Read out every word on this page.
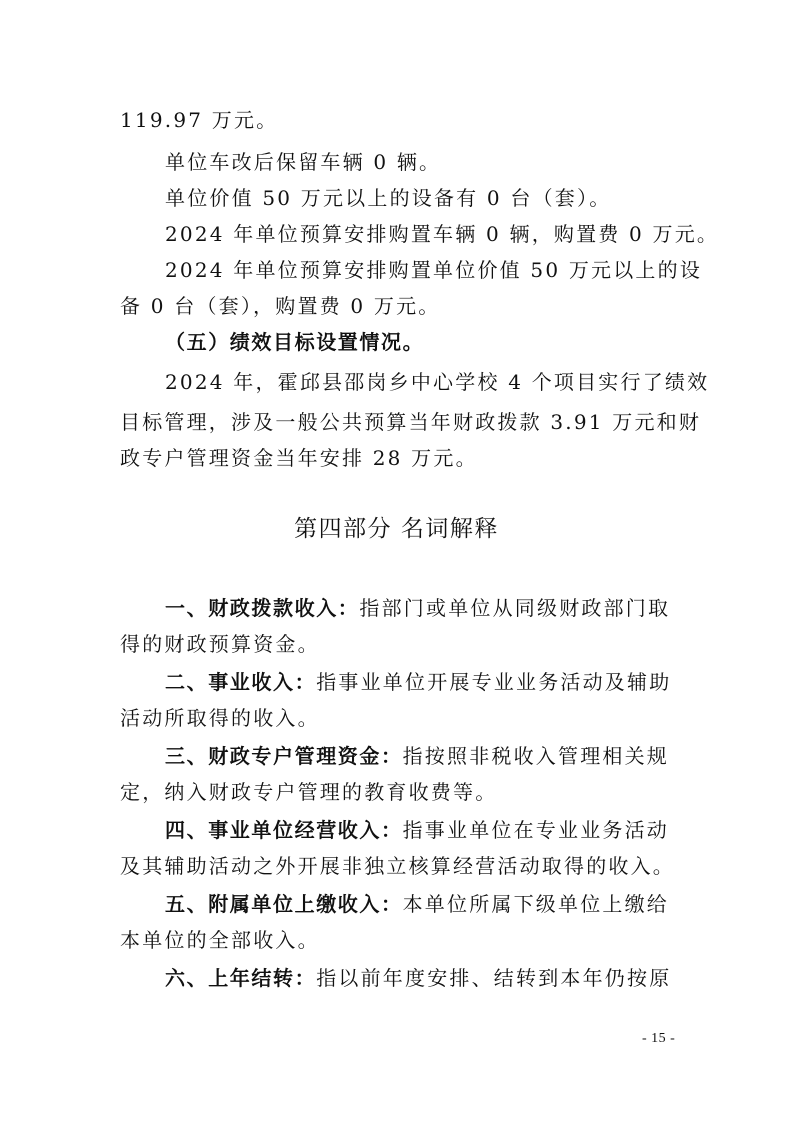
119.97 万元。
单位车改后保留车辆 0 辆。
单位价值 50 万元以上的设备有 0 台（套）。
2024 年单位预算安排购置车辆 0 辆，购置费 0 万元。
2024 年单位预算安排购置单位价值 50 万元以上的设
备 0 台（套），购置费 0 万元。
（五）绩效目标设置情况。
2024 年，霍邱县邵岗乡中心学校 4 个项目实行了绩效
目标管理，涉及一般公共预算当年财政拨款 3.91 万元和财
政专户管理资金当年安排 28 万元。
第四部分 名词解释
一、财政拨款收入：指部门或单位从同级财政部门取
得的财政预算资金。
二、事业收入：指事业单位开展专业业务活动及辅助
活动所取得的收入。
三、财政专户管理资金：指按照非税收入管理相关规
定，纳入财政专户管理的教育收费等。
四、事业单位经营收入：指事业单位在专业业务活动
及其辅助活动之外开展非独立核算经营活动取得的收入。
五、附属单位上缴收入：本单位所属下级单位上缴给
本单位的全部收入。
六、上年结转：指以前年度安排、结转到本年仍按原
- 15 -
